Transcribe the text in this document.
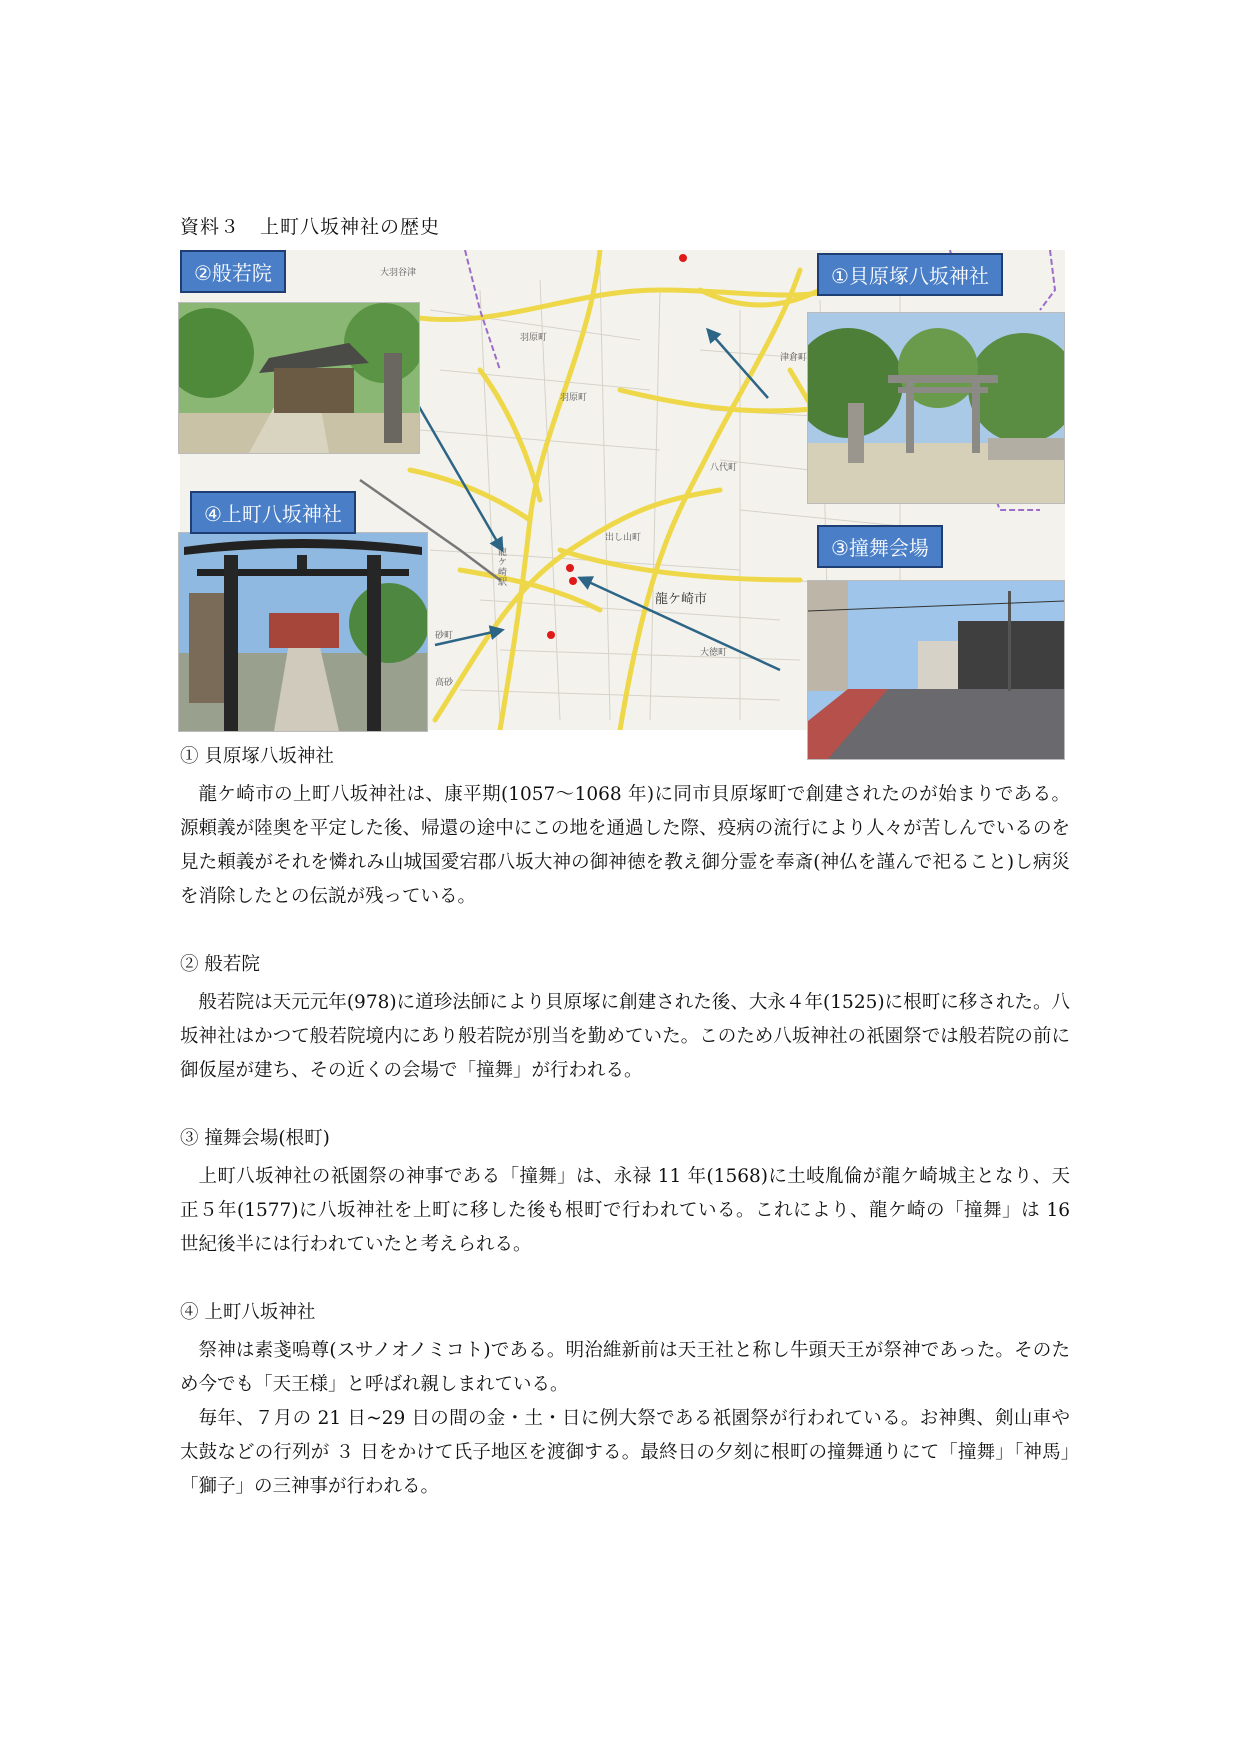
資料３　上町八坂神社の歴史
大羽谷津
羽原町
羽原町
龍ケ崎駅
出し山町
八代町
龍ケ崎市
砂町
高砂
津倉町
大徳町
②般若院	①貝原塚八坂神社
④上町八坂神社
③撞舞会場
① 貝原塚八坂神社

龍ケ崎市の上町八坂神社は、康平期(1057～1068 年)に同市貝原塚町で創建されたのが始まりである。源頼義が陸奥を平定した後、帰還の途中にこの地を通過した際、疫病の流行により人々が苦しんでいるのを見た頼義がそれを憐れみ山城国愛宕郡八坂大神の御神徳を教え御分霊を奉斎(神仏を謹んで祀ること)し病災を消除したとの伝説が残っている。

② 般若院

般若院は天元元年(978)に道珍法師により貝原塚に創建された後、大永４年(1525)に根町に移された。八坂神社はかつて般若院境内にあり般若院が別当を勤めていた。このため八坂神社の祇園祭では般若院の前に御仮屋が建ち、その近くの会場で「撞舞」が行われる。

③ 撞舞会場(根町)

上町八坂神社の祇園祭の神事である「撞舞」は、永禄 11 年(1568)に土岐胤倫が龍ケ崎城主となり、天正５年(1577)に八坂神社を上町に移した後も根町で行われている。これにより、龍ケ崎の「撞舞」は 16 世紀後半には行われていたと考えられる。

④ 上町八坂神社

祭神は素戔嗚尊(スサノオノミコト)である。明治維新前は天王社と称し牛頭天王が祭神であった。そのため今でも「天王様」と呼ばれ親しまれている。

毎年、７月の 21 日~29 日の間の金・土・日に例大祭である祇園祭が行われている。お神輿、剣山車や太鼓などの行列が ３ 日をかけて氏子地区を渡御する。最終日の夕刻に根町の撞舞通りにて「撞舞」「神馬」「獅子」の三神事が行われる。
